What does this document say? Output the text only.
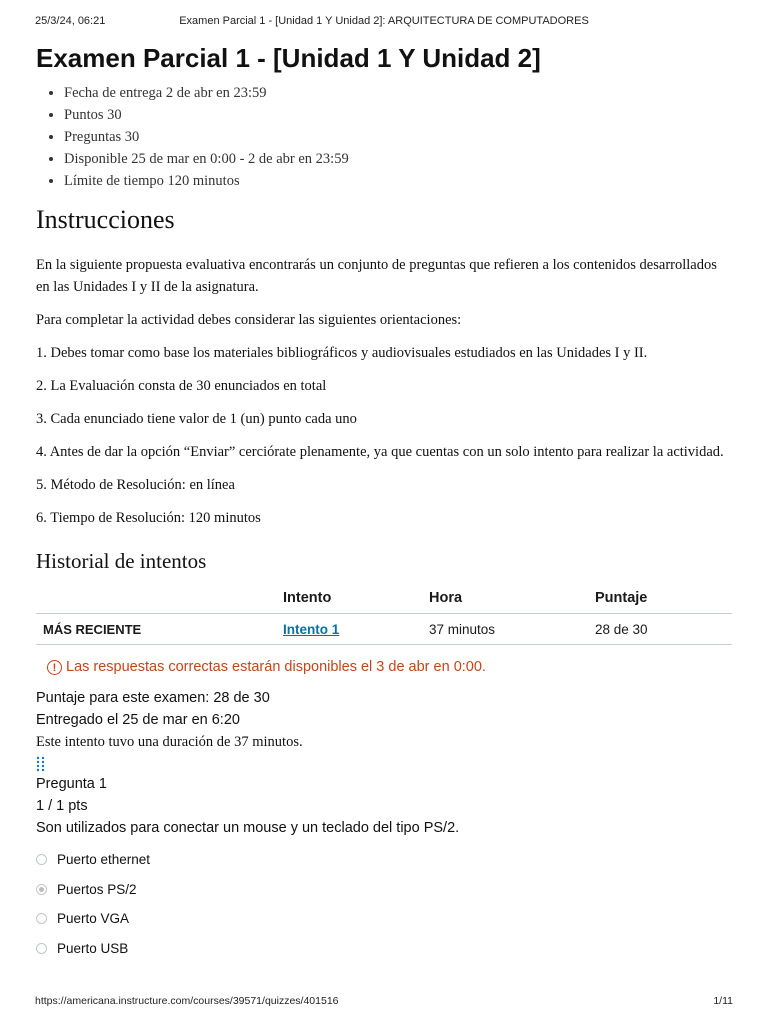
25/3/24, 06:21	Examen Parcial 1 - [Unidad 1 Y Unidad 2]: ARQUITECTURA DE COMPUTADORES
Examen Parcial 1 - [Unidad 1 Y Unidad 2]
• Fecha de entrega 2 de abr en 23:59
• Puntos 30
• Preguntas 30
• Disponible 25 de mar en 0:00 - 2 de abr en 23:59
• Límite de tiempo 120 minutos
Instrucciones

En la siguiente propuesta evaluativa encontrarás un conjunto de preguntas que refieren a los contenidos desarrollados en las Unidades I y II de la asignatura.

Para completar la actividad debes considerar las siguientes orientaciones:

1. Debes tomar como base los materiales bibliográficos y audiovisuales estudiados en las Unidades I y II.

2. La Evaluación consta de 30 enunciados en total

3. Cada enunciado tiene valor de 1 (un) punto cada uno

4. Antes de dar la opción “Enviar” cerciórate plenamente, ya que cuentas con un solo intento para realizar la actividad.

5. Método de Resolución: en línea

6. Tiempo de Resolución: 120 minutos

Historial de intentos
	Intento	Hora	Puntaje
MÁS RECIENTE	Intento 1	37 minutos	28 de 30
! Las respuestas correctas estarán disponibles el 3 de abr en 0:00.
Puntaje para este examen: 28 de 30
Entregado el 25 de mar en 6:20
Este intento tuvo una duración de 37 minutos.
Pregunta 1
1 / 1 pts
Son utilizados para conectar un mouse y un teclado del tipo PS/2.
Puerto ethernet
Puertos PS/2
Puerto VGA
Puerto USB
https://americana.instructure.com/courses/39571/quizzes/401516	1/11
